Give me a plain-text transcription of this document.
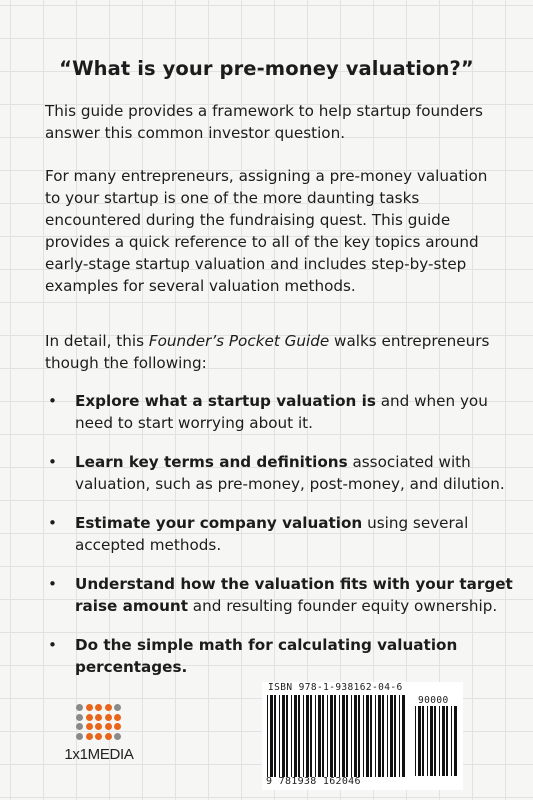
“What is your pre-money valuation?”
This guide provides a framework to help startup founders answer this common investor question.
For many entrepreneurs, assigning a pre-money valuation to your startup is one of the more daunting tasks encountered during the fundraising quest. This guide provides a quick reference to all of the key topics around early-stage startup valuation and includes step-by-step examples for several valuation methods.
In detail, this Founder’s Pocket Guide walks entrepreneurs though the following:
• Explore what a startup valuation is and when you need to start worrying about it.
• Learn key terms and definitions associated with valuation, such as pre-money, post-money, and dilution.
• Estimate your company valuation using several accepted methods.
• Understand how the valuation fits with your target raise amount and resulting founder equity ownership.
• Do the simple math for calculating valuation percentages.
1x1MEDIA
ISBN 978-1-938162-04-6
90000
9 781938 162046
